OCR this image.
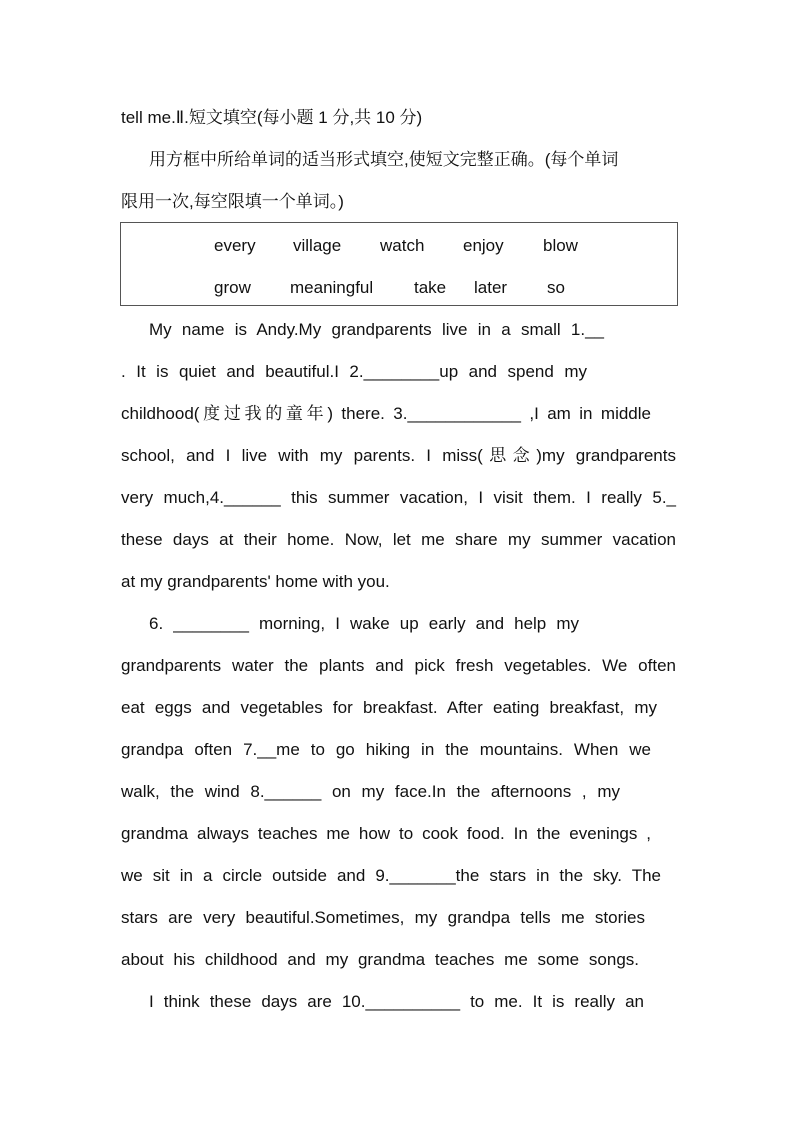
tell me.Ⅱ.短文填空(每小题 1 分,共 10 分)
用方框中所给单词的适当形式填空,使短文完整正确。(每个单词
限用一次,每空限填一个单词。)
every village watch enjoy blow
grow meaningful take later so
My name is Andy.My grandparents live in a small 1.__
. It is quiet and beautiful.I 2.________up and spend my
childhood(度过我的童年) there. 3.____________ ,I am in middle
school, and I live with my parents. I miss(思念)my grandparents
very much,4.______ this summer vacation, I visit them. I really 5._
these days at their home. Now, let me share my summer vacation
at my grandparents' home with you.
6. ________ morning, I wake up early and help my
grandparents water the plants and pick fresh vegetables. We often
eat eggs and vegetables for breakfast. After eating breakfast, my
grandpa often 7.__me to go hiking in the mountains. When we
walk, the wind 8.______ on my face.In the afternoons , my
grandma always teaches me how to cook food. In the evenings ,
we sit in a circle outside and 9._______the stars in the sky. The
stars are very beautiful.Sometimes, my grandpa tells me stories
about his childhood and my grandma teaches me some songs.
I think these days are 10.__________ to me. It is really an
